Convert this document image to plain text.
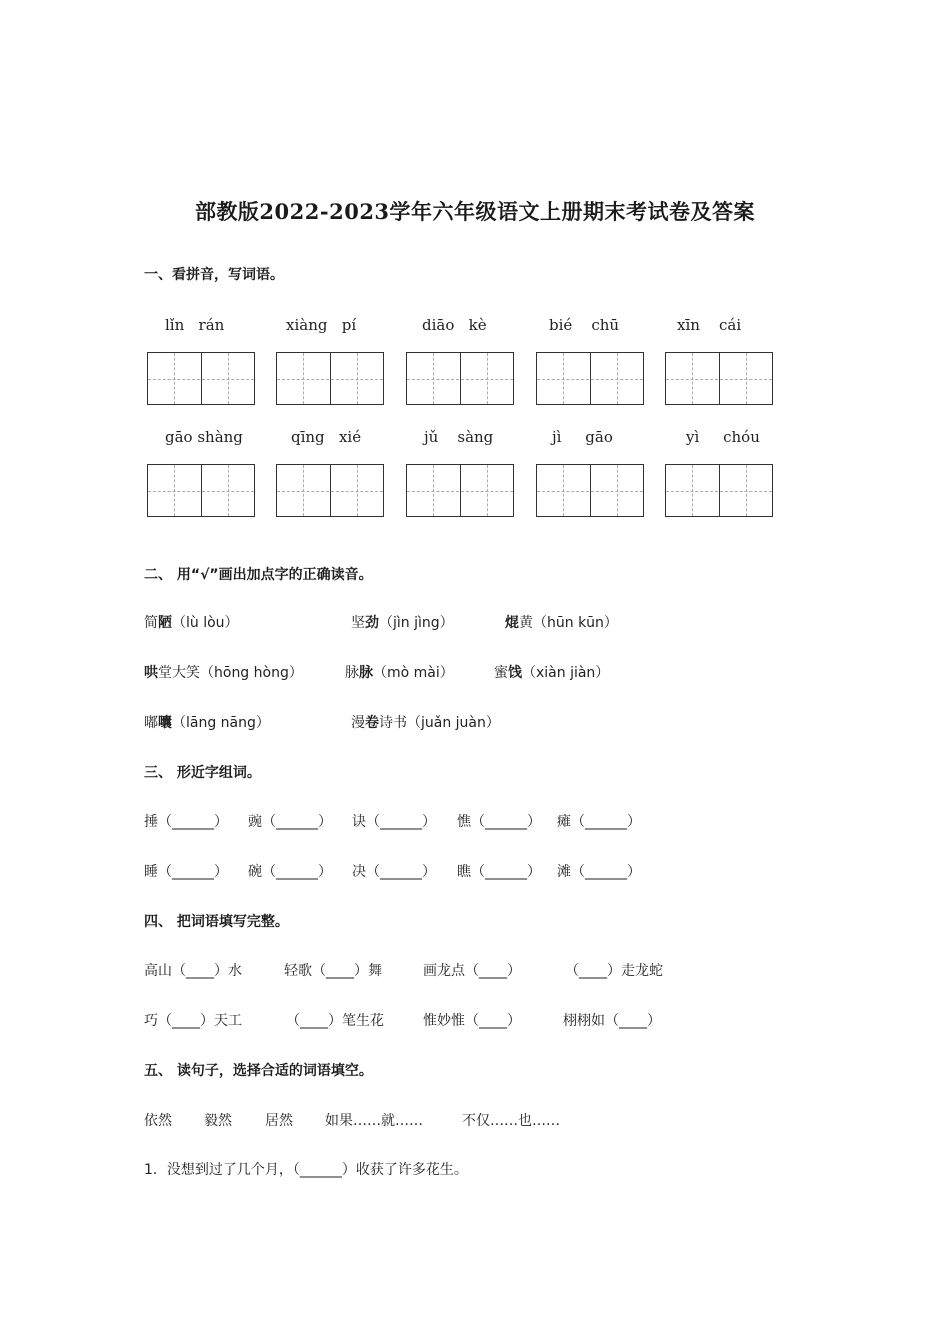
部教版2022-2023学年六年级语文上册期末考试卷及答案
一、看拼音，写词语。
lǐn   rán	xiàng   pí	diāo   kè	bié    chū	xīn    cái
gāo shàng	qīng   xié	jǔ    sàng	jì     gāo	yì     chóu
二、 用“√”画出加点字的正确读音。
简陋（lù lòu）	坚劲（jìn jìng）	焜黄（hūn kūn）
哄堂大笑（hōng hòng）	脉脉（mò mài）	蜜饯（xiàn jiàn）
嘟囔（lāng nāng）	漫卷诗书（juǎn juàn）
三、 形近字组词。
捶（______） 豌（______） 诀（______） 憔（______） 瘫（______）
睡（______） 碗（______） 决（______） 瞧（______） 滩（______）
四、 把词语填写完整。
高山（____）水	轻歌（____）舞	画龙点（____）	（____）走龙蛇
巧（____）天工	（____）笔生花	惟妙惟（____）	栩栩如（____）
五、 读句子，选择合适的词语填空。
依然 毅然 居然 如果……就……	不仅……也……
1．没想到过了几个月，（______）收获了许多花生。
